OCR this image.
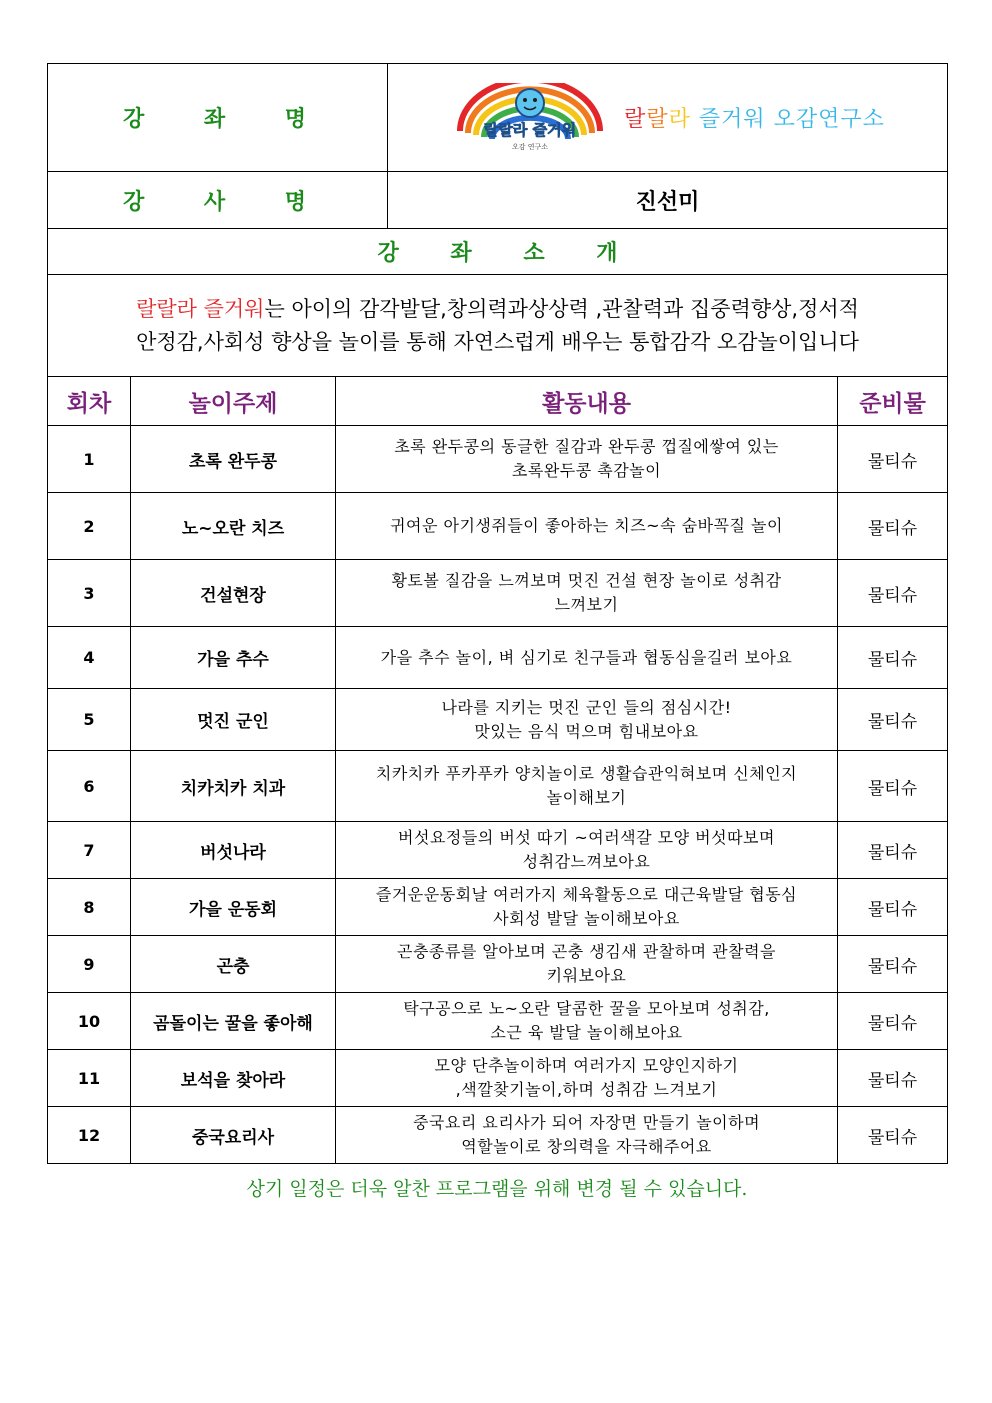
강 좌 명			랄랄라 즐거워
오감 연구소
랄랄라 즐거워 오감연구소	

강 사 명			진선미	
강 좌 소 개				

랄랄라 즐거워는 아이의 감각발달,창의력과상상력 ,관찰력과 집중력향상,정서적
안정감,사회성 향상을 놀이를 통해 자연스럽게 배우는 통합감각 오감놀이입니다				

회차	놀이주제	활동내용		준비물
1	초록 완두콩	초록 완두콩의 동글한 질감과 완두콩 껍질에쌓여 있는
초록완두콩 촉감놀이		물티슈
2	노~오란 치즈	귀여운 아기생쥐들이 좋아하는 치즈~속 숨바꼭질 놀이		물티슈
3	건설현장	황토볼 질감을 느껴보며 멋진 건설 현장 놀이로 성취감
느껴보기		물티슈
4	가을 추수	가을 추수 놀이, 벼 심기로 친구들과 협동심을길러 보아요		물티슈
5	멋진 군인	나라를 지키는 멋진 군인 들의 점심시간!
맛있는 음식 먹으며 힘내보아요		물티슈
6	치카치카 치과	치카치카 푸카푸카 양치놀이로 생활습관익혀보며 신체인지
놀이해보기		물티슈
7	버섯나라	버섯요정들의 버섯 따기 ~여러색갈 모양 버섯따보며
성취감느껴보아요		물티슈
8	가을 운동회	즐거운운동회날 여러가지 체육활동으로 대근육발달 협동심
사회성 발달 놀이해보아요		물티슈
9	곤충	곤충종류를 알아보며 곤충 생김새 관찰하며 관찰력을
키워보아요		물티슈
10	곰돌이는 꿀을 좋아해	탁구공으로 노~오란 달콤한 꿀을 모아보며 성취감,
소근 육 발달 놀이해보아요		물티슈
11	보석을 찾아라	모양 단추놀이하며 여러가지 모양인지하기
,색깔찾기놀이,하며 성취감 느겨보기		물티슈
12	중국요리사	중국요리 요리사가 되어 자장면 만들기 놀이하며
역할놀이로 창의력을 자극해주어요		물티슈
상기 일정은 더욱 알찬 프로그램을 위해 변경 될 수 있습니다.
